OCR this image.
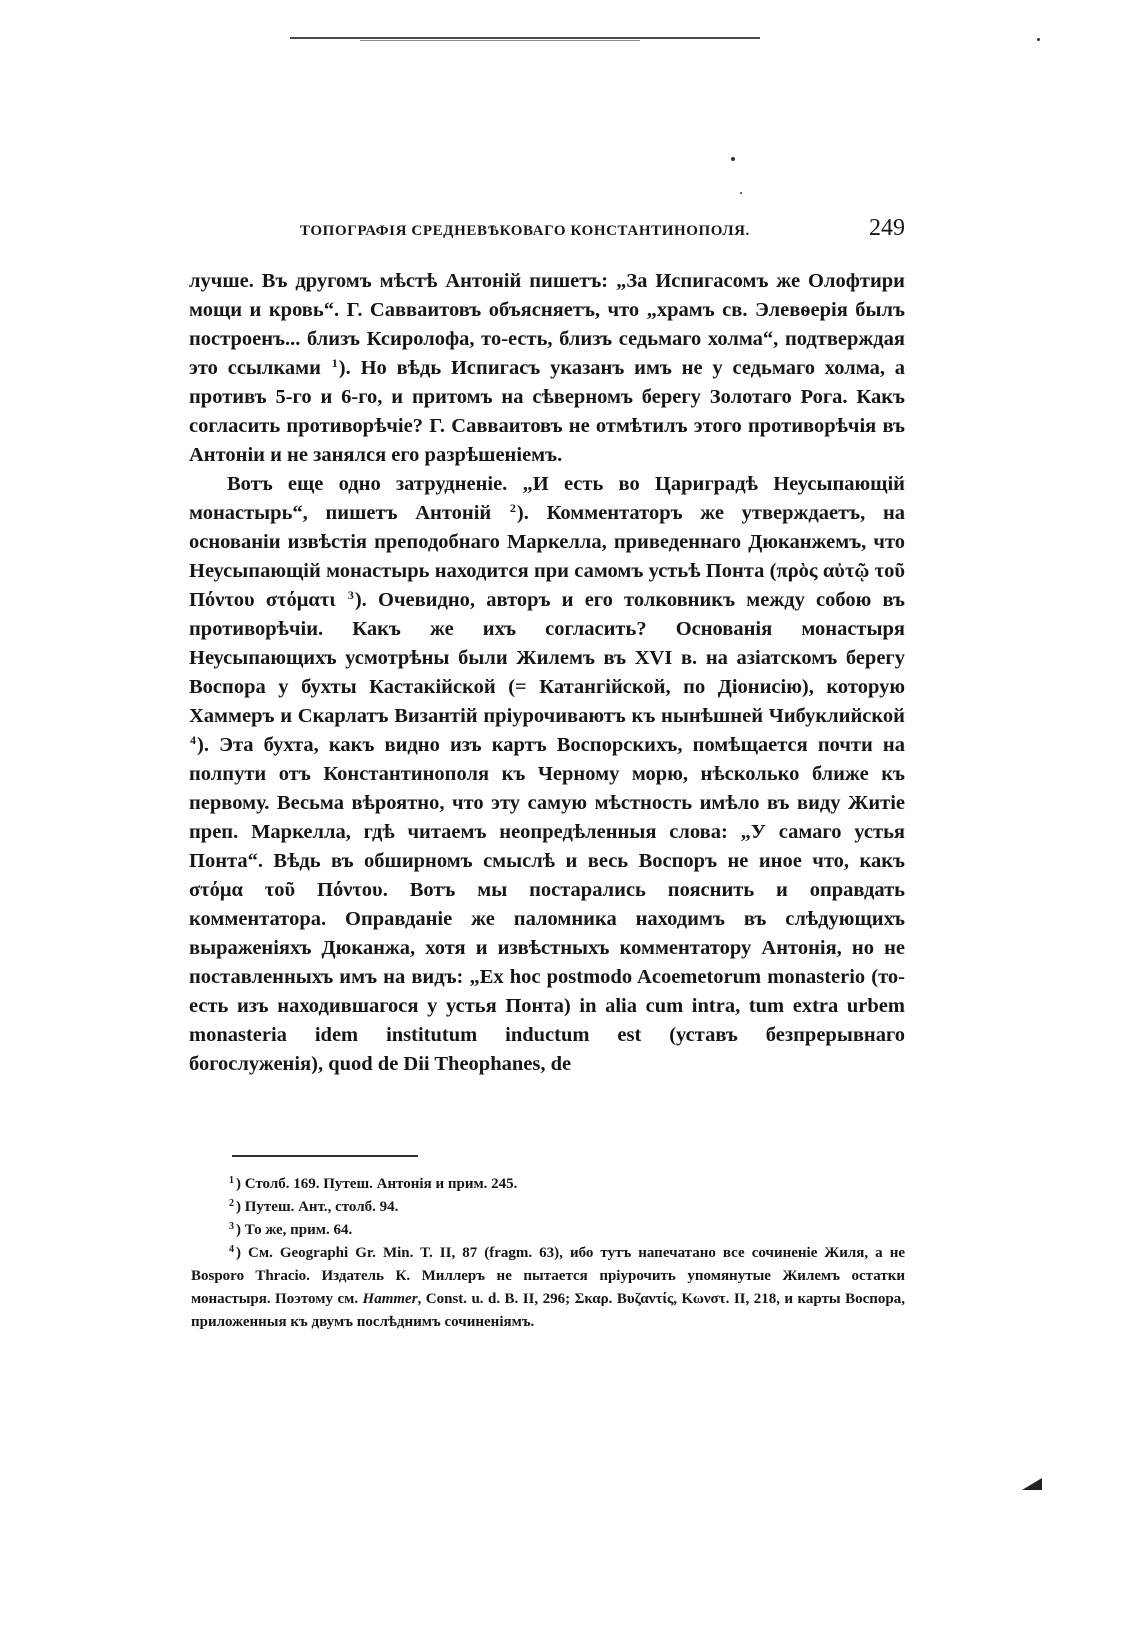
ТОПОГРАФІЯ СРЕДНЕВѢКОВАГО КОНСТАНТИНОПОЛЯ.	249

лучше. Въ другомъ мѣстѣ Антоній пишетъ: „За Испигасомъ же Олофтири мощи и кровь“. Г. Савваитовъ объясняетъ, что „храмъ св. Элевѳерія былъ построенъ... близъ Ксиролофа, то-есть, близъ седьмаго холма“, подтверждая это ссылками $^1$). Но вѣдь Испигасъ указанъ имъ не у седьмаго холма, а противъ 5-го и 6-го, и притомъ на сѣверномъ берегу Золотаго Рога. Какъ согласить противорѣчіе? Г. Савваитовъ не отмѣтилъ этого противорѣчія въ Антоніи и не занялся его разрѣшеніемъ.

Вотъ еще одно затрудненіе. „И есть во Цариградѣ Неусыпающій монастырь“, пишетъ Антоній $^2$). Комментаторъ же утверждаетъ, на основаніи извѣстія преподобнаго Маркелла, приведеннаго Дюканжемъ, что Неусыпающій монастырь находится при самомъ устьѣ Понта (πρὸς αὐτῷ τοῦ Πόντου στόματι $^3$). Очевидно, авторъ и его толковникъ между собою въ противорѣчіи. Какъ же ихъ согласить? Основанія монастыря Неусыпающихъ усмотрѣны были Жилемъ въ XVI в. на азіатскомъ берегу Воспора у бухты Кастакійской (= Катангійской, по Діонисію), которую Хаммеръ и Скарлатъ Византій пріурочиваютъ къ нынѣшней Чибуклийской $^4$). Эта бухта, какъ видно изъ картъ Воспорскихъ, помѣщается почти на полпути отъ Константинополя къ Черному морю, нѣсколько ближе къ первому. Весьма вѣроятно, что эту самую мѣстность имѣло въ виду Житіе преп. Маркелла, гдѣ читаемъ неопредѣленныя слова: „У самаго устья Понта“. Вѣдь въ обширномъ смыслѣ и весь Воспоръ не иное что, какъ στόμα τοῦ Πόντου. Вотъ мы постарались пояснить и оправдать комментатора. Оправданіе же паломника находимъ въ слѣдующихъ выраженіяхъ Дюканжа, хотя и извѣстныхъ комментатору Антонія, но не поставленныхъ имъ на видъ: „Ex hoc postmodo Acoemetorum monasterio (то-есть изъ находившагося у устья Понта) in alia cum intra, tum extra urbem monasteria idem institutum inductum est (уставъ безпрерывнаго богослуженія), quod de Dii Theophanes, de

$^1$ ) Столб. 169. Путеш. Антонія и прим. 245.

$^2$ ) Путеш. Ант., столб. 94.

$^3$ ) То же, прим. 64.

$^4$ ) См. Geographi Gr. Min. T. II, 87 (fragm. 63), ибо тутъ напечатано все сочиненіе Жиля, а не Bosporo Thracio. Издатель К. Миллеръ не пытается пріурочить упомянутые Жилемъ остатки монастыря. Поэтому см. Hammer, Const. u. d. B. II, 296; Σκαρ. Βυζαντίς, Κωνστ. II, 218, и карты Воспора, приложенныя къ двумъ послѣднимъ сочиненіямъ.
